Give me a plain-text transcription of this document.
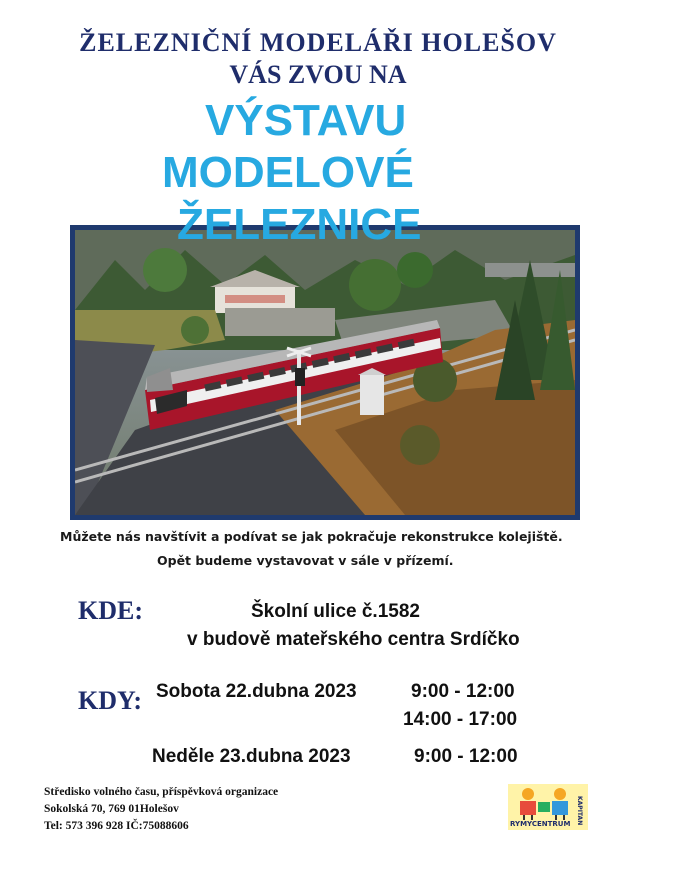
ŽELEZNIČNÍ MODELÁŘI HOLEŠOV
VÁS ZVOU NA
VÝSTAVU
MODELOVÉ
ŽELEZNICE
Můžete nás navštívit a podívat se jak pokračuje rekonstrukce kolejiště.
Opět budeme vystavovat v sále v přízemí.
KDE:	Školní ulice č.1582
v budově mateřského centra Srdíčko
KDY: Sobota 22.dubna 2023	9:00 - 12:00
14:00 - 17:00
Neděle 23.dubna 2023	9:00 - 12:00
Středisko volného času, příspěvková organizace
Sokolská 70, 769 01Holešov
Tel: 573 396 928 IČ:75088606	RYMYCENTRUM KAPITAN
